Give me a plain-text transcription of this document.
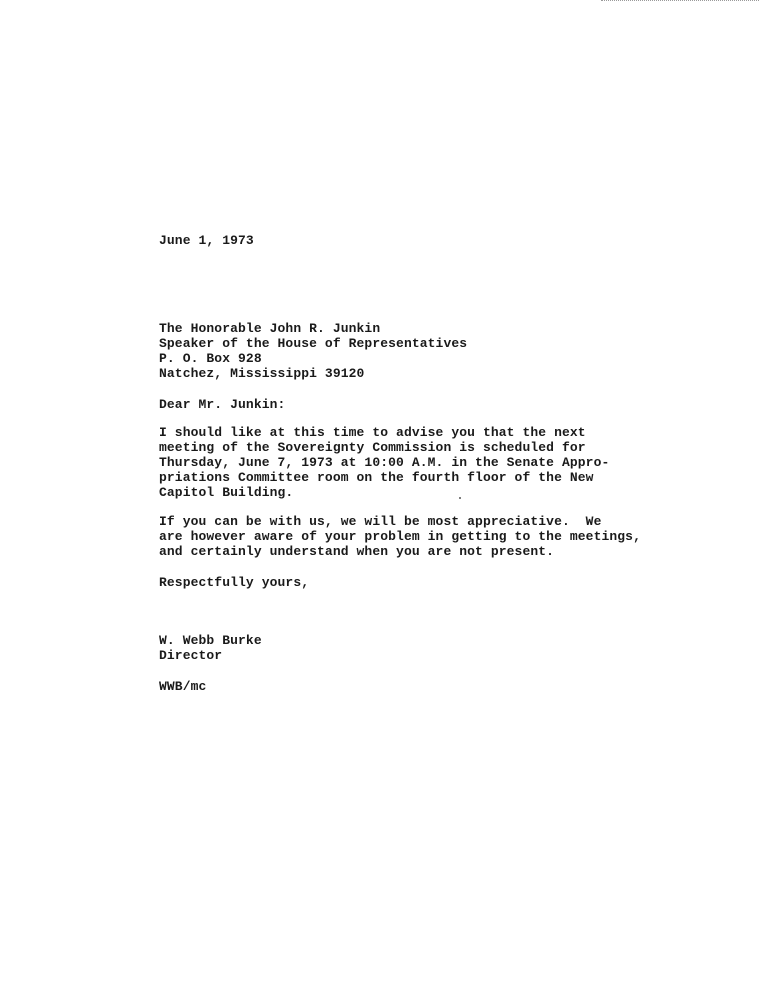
June 1, 1973
The Honorable John R. Junkin
Speaker of the House of Representatives
P. O. Box 928
Natchez, Mississippi 39120
Dear Mr. Junkin:
I should like at this time to advise you that the next
meeting of the Sovereignty Commission is scheduled for
Thursday, June 7, 1973 at 10:00 A.M. in the Senate Appro-
priations Committee room on the fourth floor of the New
Capitol Building.
If you can be with us, we will be most appreciative.  We
are however aware of your problem in getting to the meetings,
and certainly understand when you are not present.
Respectfully yours,
W. Webb Burke
Director
WWB/mc
